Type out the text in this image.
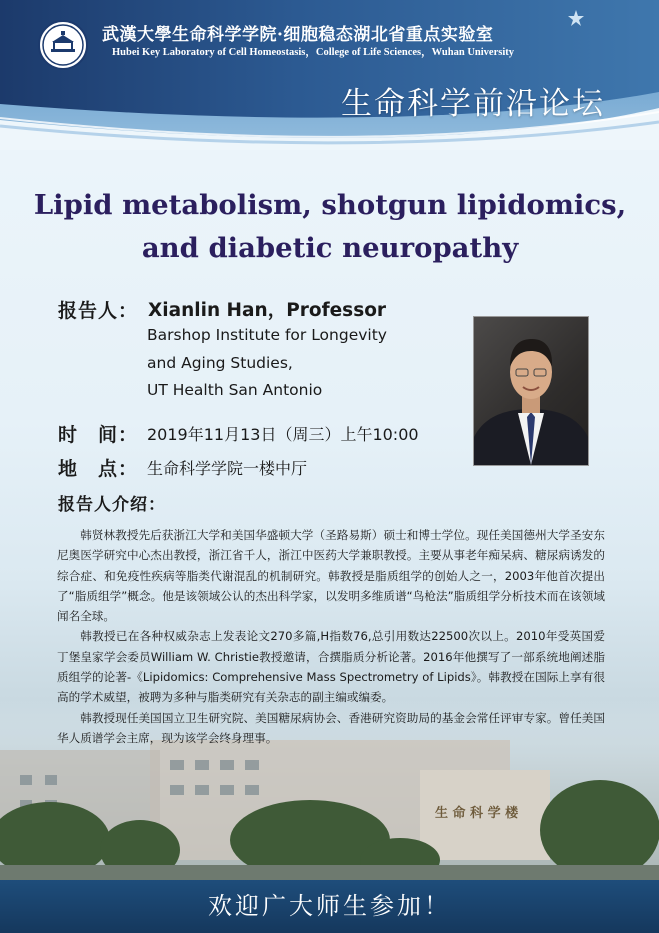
武漢大學生命科学学院·细胞稳态湖北省重点实验室
Hubei Key Laboratory of Cell Homeostasis，College of Life Sciences，Wuhan University
生命科学前沿论坛
Lipid metabolism, shotgun lipidomics,
and diabetic neuropathy
报告人： Xianlin Han，Professor
Barshop Institute for Longevity
and Aging Studies,
UT Health San Antonio
时　间： 2019年11月13日（周三）上午10:00
地　点： 生命科学学院一楼中厅
报告人介绍：
生 命 科 学 楼

韩贤林教授先后获浙江大学和美国华盛顿大学（圣路易斯）硕士和博士学位。现任美国德州大学圣安东尼奥医学研究中心杰出教授，浙江省千人，浙江中医药大学兼职教授。主要从事老年痴呆病、糖尿病诱发的综合症、和免疫性疾病等脂类代谢混乱的机制研究。韩教授是脂质组学的创始人之一，2003年他首次提出了“脂质组学”概念。他是该领域公认的杰出科学家，以发明多维质谱“鸟枪法”脂质组学分析技术而在该领域闻名全球。

韩教授已在各种权威杂志上发表论文270多篇,H指数76,总引用数达22500次以上。2010年受英国爱丁堡皇家学会委员William W. Christie教授邀请，合撰脂质分析论著。2016年他撰写了一部系统地阐述脂质组学的论著-《Lipidomics: Comprehensive Mass Spectrometry of Lipids》。韩教授在国际上享有很高的学术威望，被聘为多种与脂类研究有关杂志的副主编或编委。

韩教授现任美国国立卫生研究院、美国糖尿病协会、香港研究资助局的基金会常任评审专家。曾任美国华人质谱学会主席，现为该学会终身理事。

欢迎广大师生参加！
